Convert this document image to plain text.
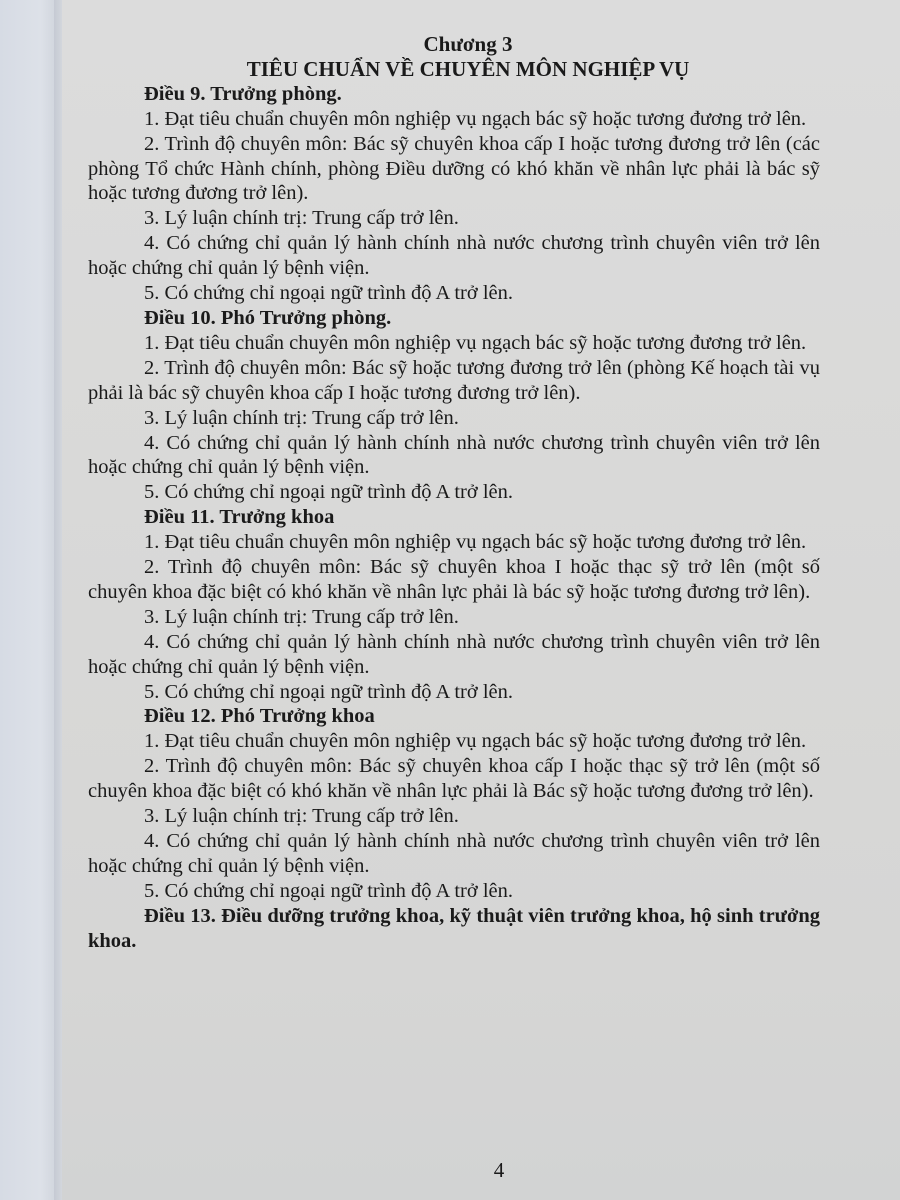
Chương 3
TIÊU CHUẨN VỀ CHUYÊN MÔN NGHIỆP VỤ
Điều 9. Trưởng phòng.
1. Đạt tiêu chuẩn chuyên môn nghiệp vụ ngạch bác sỹ hoặc tương đương trở lên.
2. Trình độ chuyên môn: Bác sỹ chuyên khoa cấp I hoặc tương đương trở lên (các phòng Tổ chức Hành chính, phòng Điều dưỡng có khó khăn về nhân lực phải là bác sỹ hoặc tương đương trở lên).
3. Lý luận chính trị: Trung cấp trở lên.
4. Có chứng chỉ quản lý hành chính nhà nước chương trình chuyên viên trở lên hoặc chứng chỉ quản lý bệnh viện.
5. Có chứng chỉ ngoại ngữ trình độ A trở lên.
Điều 10. Phó Trưởng phòng.
1. Đạt tiêu chuẩn chuyên môn nghiệp vụ ngạch bác sỹ hoặc tương đương trở lên.
2. Trình độ chuyên môn: Bác sỹ hoặc tương đương trở lên (phòng Kế hoạch tài vụ phải là bác sỹ chuyên khoa cấp I hoặc tương đương trở lên).
3. Lý luận chính trị: Trung cấp trở lên.
4. Có chứng chỉ quản lý hành chính nhà nước chương trình chuyên viên trở lên hoặc chứng chỉ quản lý bệnh viện.
5. Có chứng chỉ ngoại ngữ trình độ A trở lên.
Điều 11. Trưởng khoa
1. Đạt tiêu chuẩn chuyên môn nghiệp vụ ngạch bác sỹ hoặc tương đương trở lên.
2. Trình độ chuyên môn: Bác sỹ chuyên khoa I hoặc thạc sỹ trở lên (một số chuyên khoa đặc biệt có khó khăn về nhân lực phải là bác sỹ hoặc tương đương trở lên).
3. Lý luận chính trị: Trung cấp trở lên.
4. Có chứng chỉ quản lý hành chính nhà nước chương trình chuyên viên trở lên hoặc chứng chỉ quản lý bệnh viện.
5. Có chứng chỉ ngoại ngữ trình độ A trở lên.
Điều 12. Phó Trưởng khoa
1. Đạt tiêu chuẩn chuyên môn nghiệp vụ ngạch bác sỹ hoặc tương đương trở lên.
2. Trình độ chuyên môn: Bác sỹ chuyên khoa cấp I hoặc thạc sỹ trở lên (một số chuyên khoa đặc biệt có khó khăn về nhân lực phải là Bác sỹ hoặc tương đương trở lên).
3. Lý luận chính trị: Trung cấp trở lên.
4. Có chứng chỉ quản lý hành chính nhà nước chương trình chuyên viên trở lên hoặc chứng chỉ quản lý bệnh viện.
5. Có chứng chỉ ngoại ngữ trình độ A trở lên.
Điều 13. Điều dưỡng trưởng khoa, kỹ thuật viên trưởng khoa, hộ sinh trưởng khoa.
4
